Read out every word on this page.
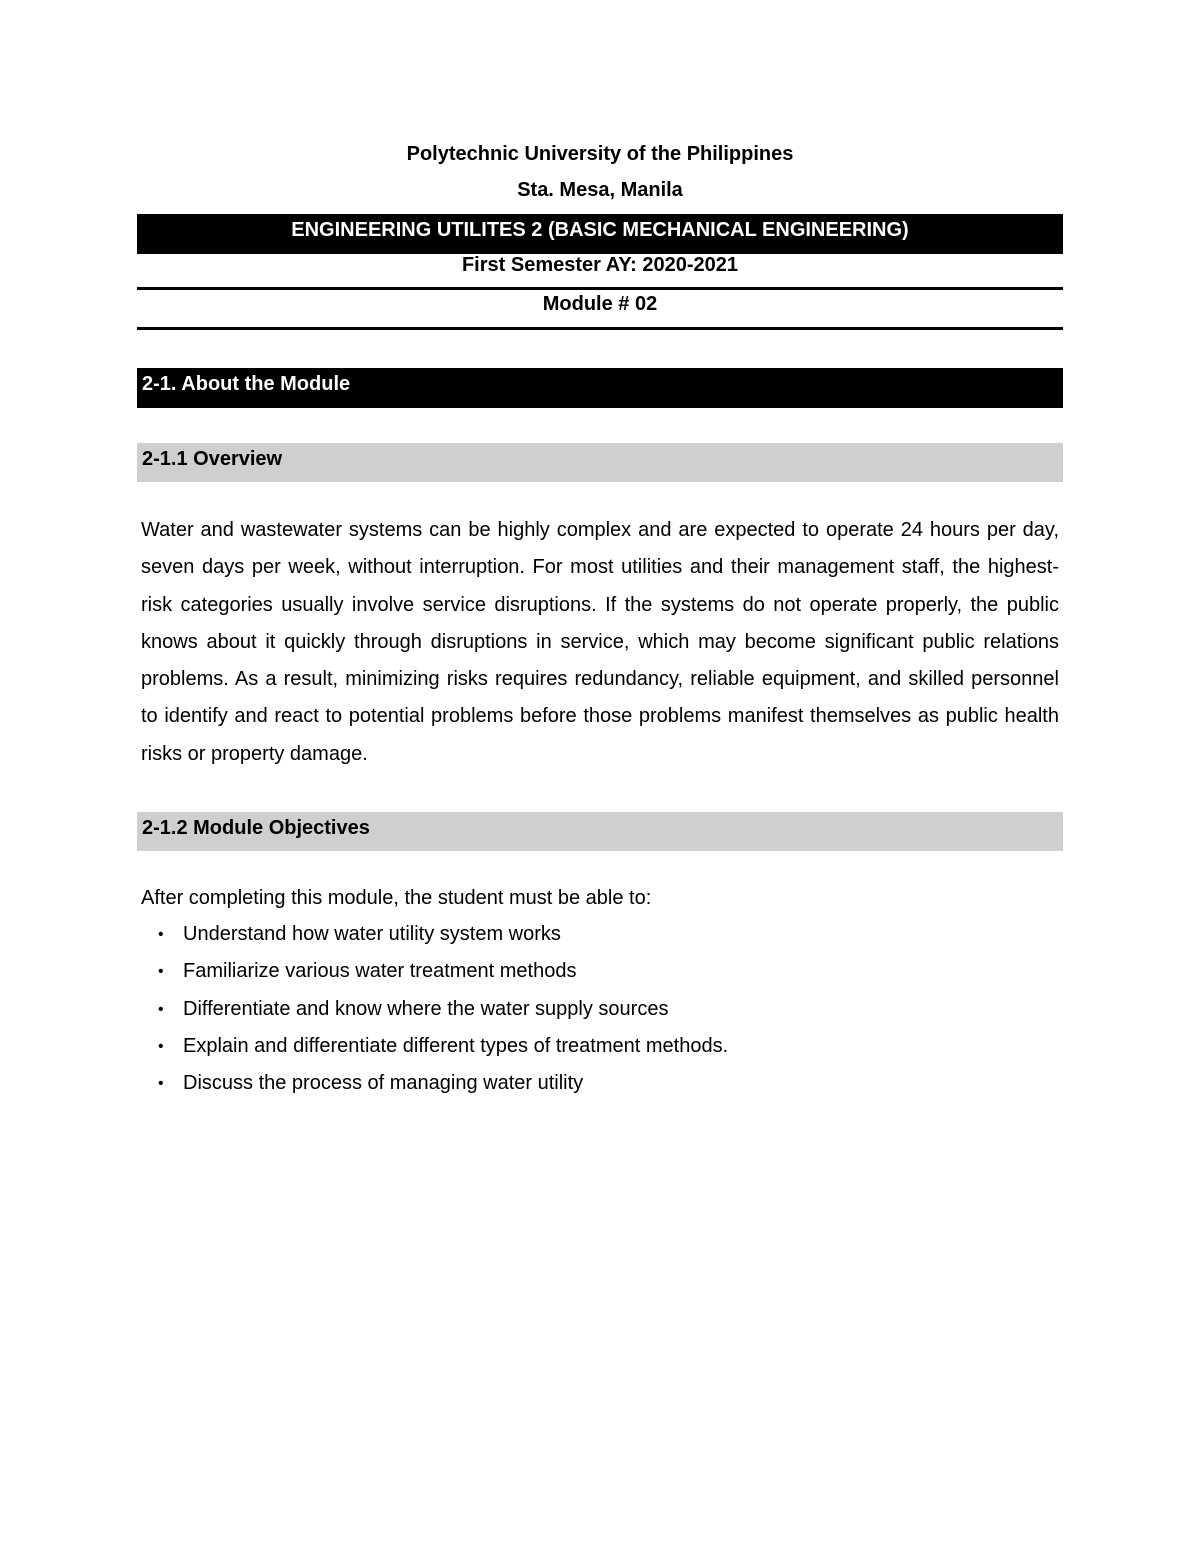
Polytechnic University of the Philippines
Sta. Mesa, Manila
ENGINEERING UTILITES 2 (BASIC MECHANICAL ENGINEERING)
First Semester AY: 2020-2021
Module # 02
2-1. About the Module
2-1.1 Overview

Water and wastewater systems can be highly complex and are expected to operate 24 hours per day, seven days per week, without interruption. For most utilities and their management staff, the highest-risk categories usually involve service disruptions. If the systems do not operate properly, the public knows about it quickly through disruptions in service, which may become significant public relations problems. As a result, minimizing risks requires redundancy, reliable equipment, and skilled personnel to identify and react to potential problems before those problems manifest themselves as public health risks or property damage.

2-1.2 Module Objectives

After completing this module, the student must be able to:

• Understand how water utility system works
• Familiarize various water treatment methods
• Differentiate and know where the water supply sources
• Explain and differentiate different types of treatment methods.
• Discuss the process of managing water utility
